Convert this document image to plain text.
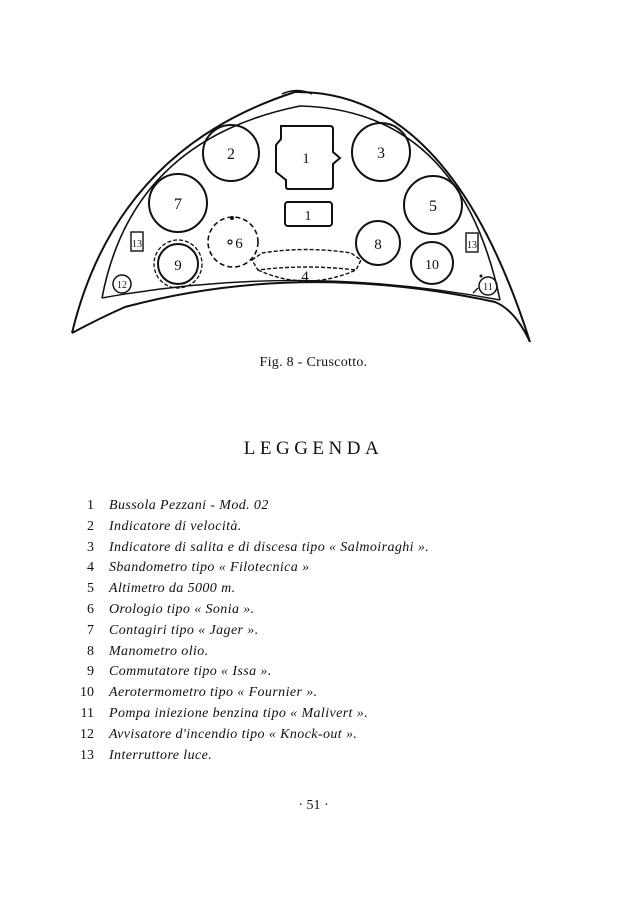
1
1
2	3
7	5
6	8
9	10
4
13	13
12	11
Fig. 8 - Cruscotto.
LEGGENDA
1 Bussola Pezzani - Mod. 02
2 Indicatore di velocità.
3 Indicatore di salita e di discesa tipo « Salmoiraghi ».
4 Sbandometro tipo « Filotecnica »
5 Altimetro da 5000 m.
6 Orologio tipo « Sonia ».
7 Contagiri tipo « Jager ».
8 Manometro olio.
9 Commutatore tipo « Issa ».
10 Aerotermometro tipo « Fournier ».
11 Pompa iniezione benzina tipo « Malivert ».
12 Avvisatore d'incendio tipo « Knock-out ».
13 Interruttore luce.
· 51 ·
